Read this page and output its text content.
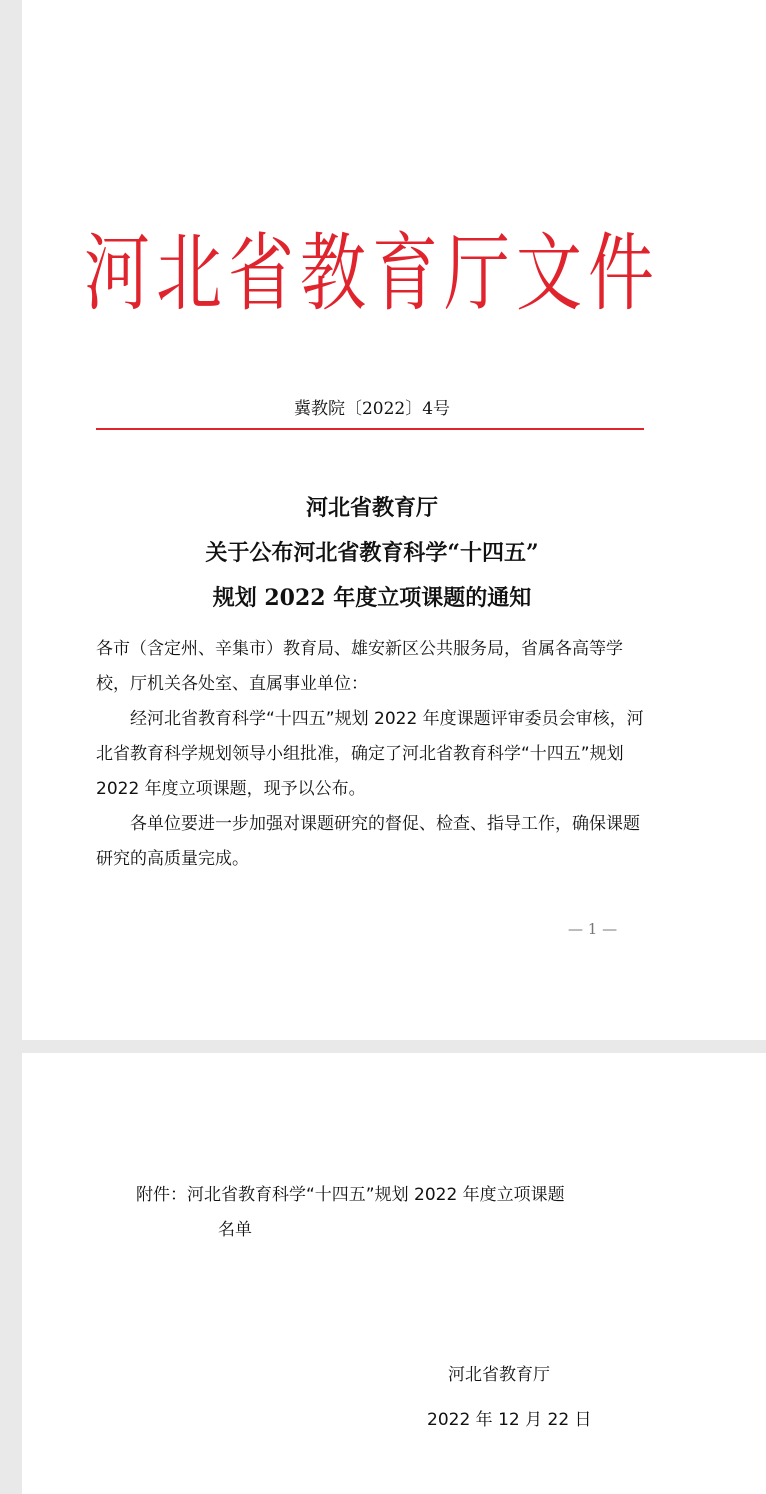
河北省教育厅文件
冀教院〔2022〕4号
河北省教育厅
关于公布河北省教育科学“十四五”
规划 2022 年度立项课题的通知

各市（含定州、辛集市）教育局、雄安新区公共服务局，省属各高等学校，厅机关各处室、直属事业单位：

经河北省教育科学“十四五”规划 2022 年度课题评审委员会审核，河北省教育科学规划领导小组批准，确定了河北省教育科学“十四五”规划 2022 年度立项课题，现予以公布。

各单位要进一步加强对课题研究的督促、检查、指导工作，确保课题研究的高质量完成。

— 1 —
附件：河北省教育科学“十四五”规划 2022 年度立项课题
名单
河北省教育厅
2022 年 12 月 22 日
